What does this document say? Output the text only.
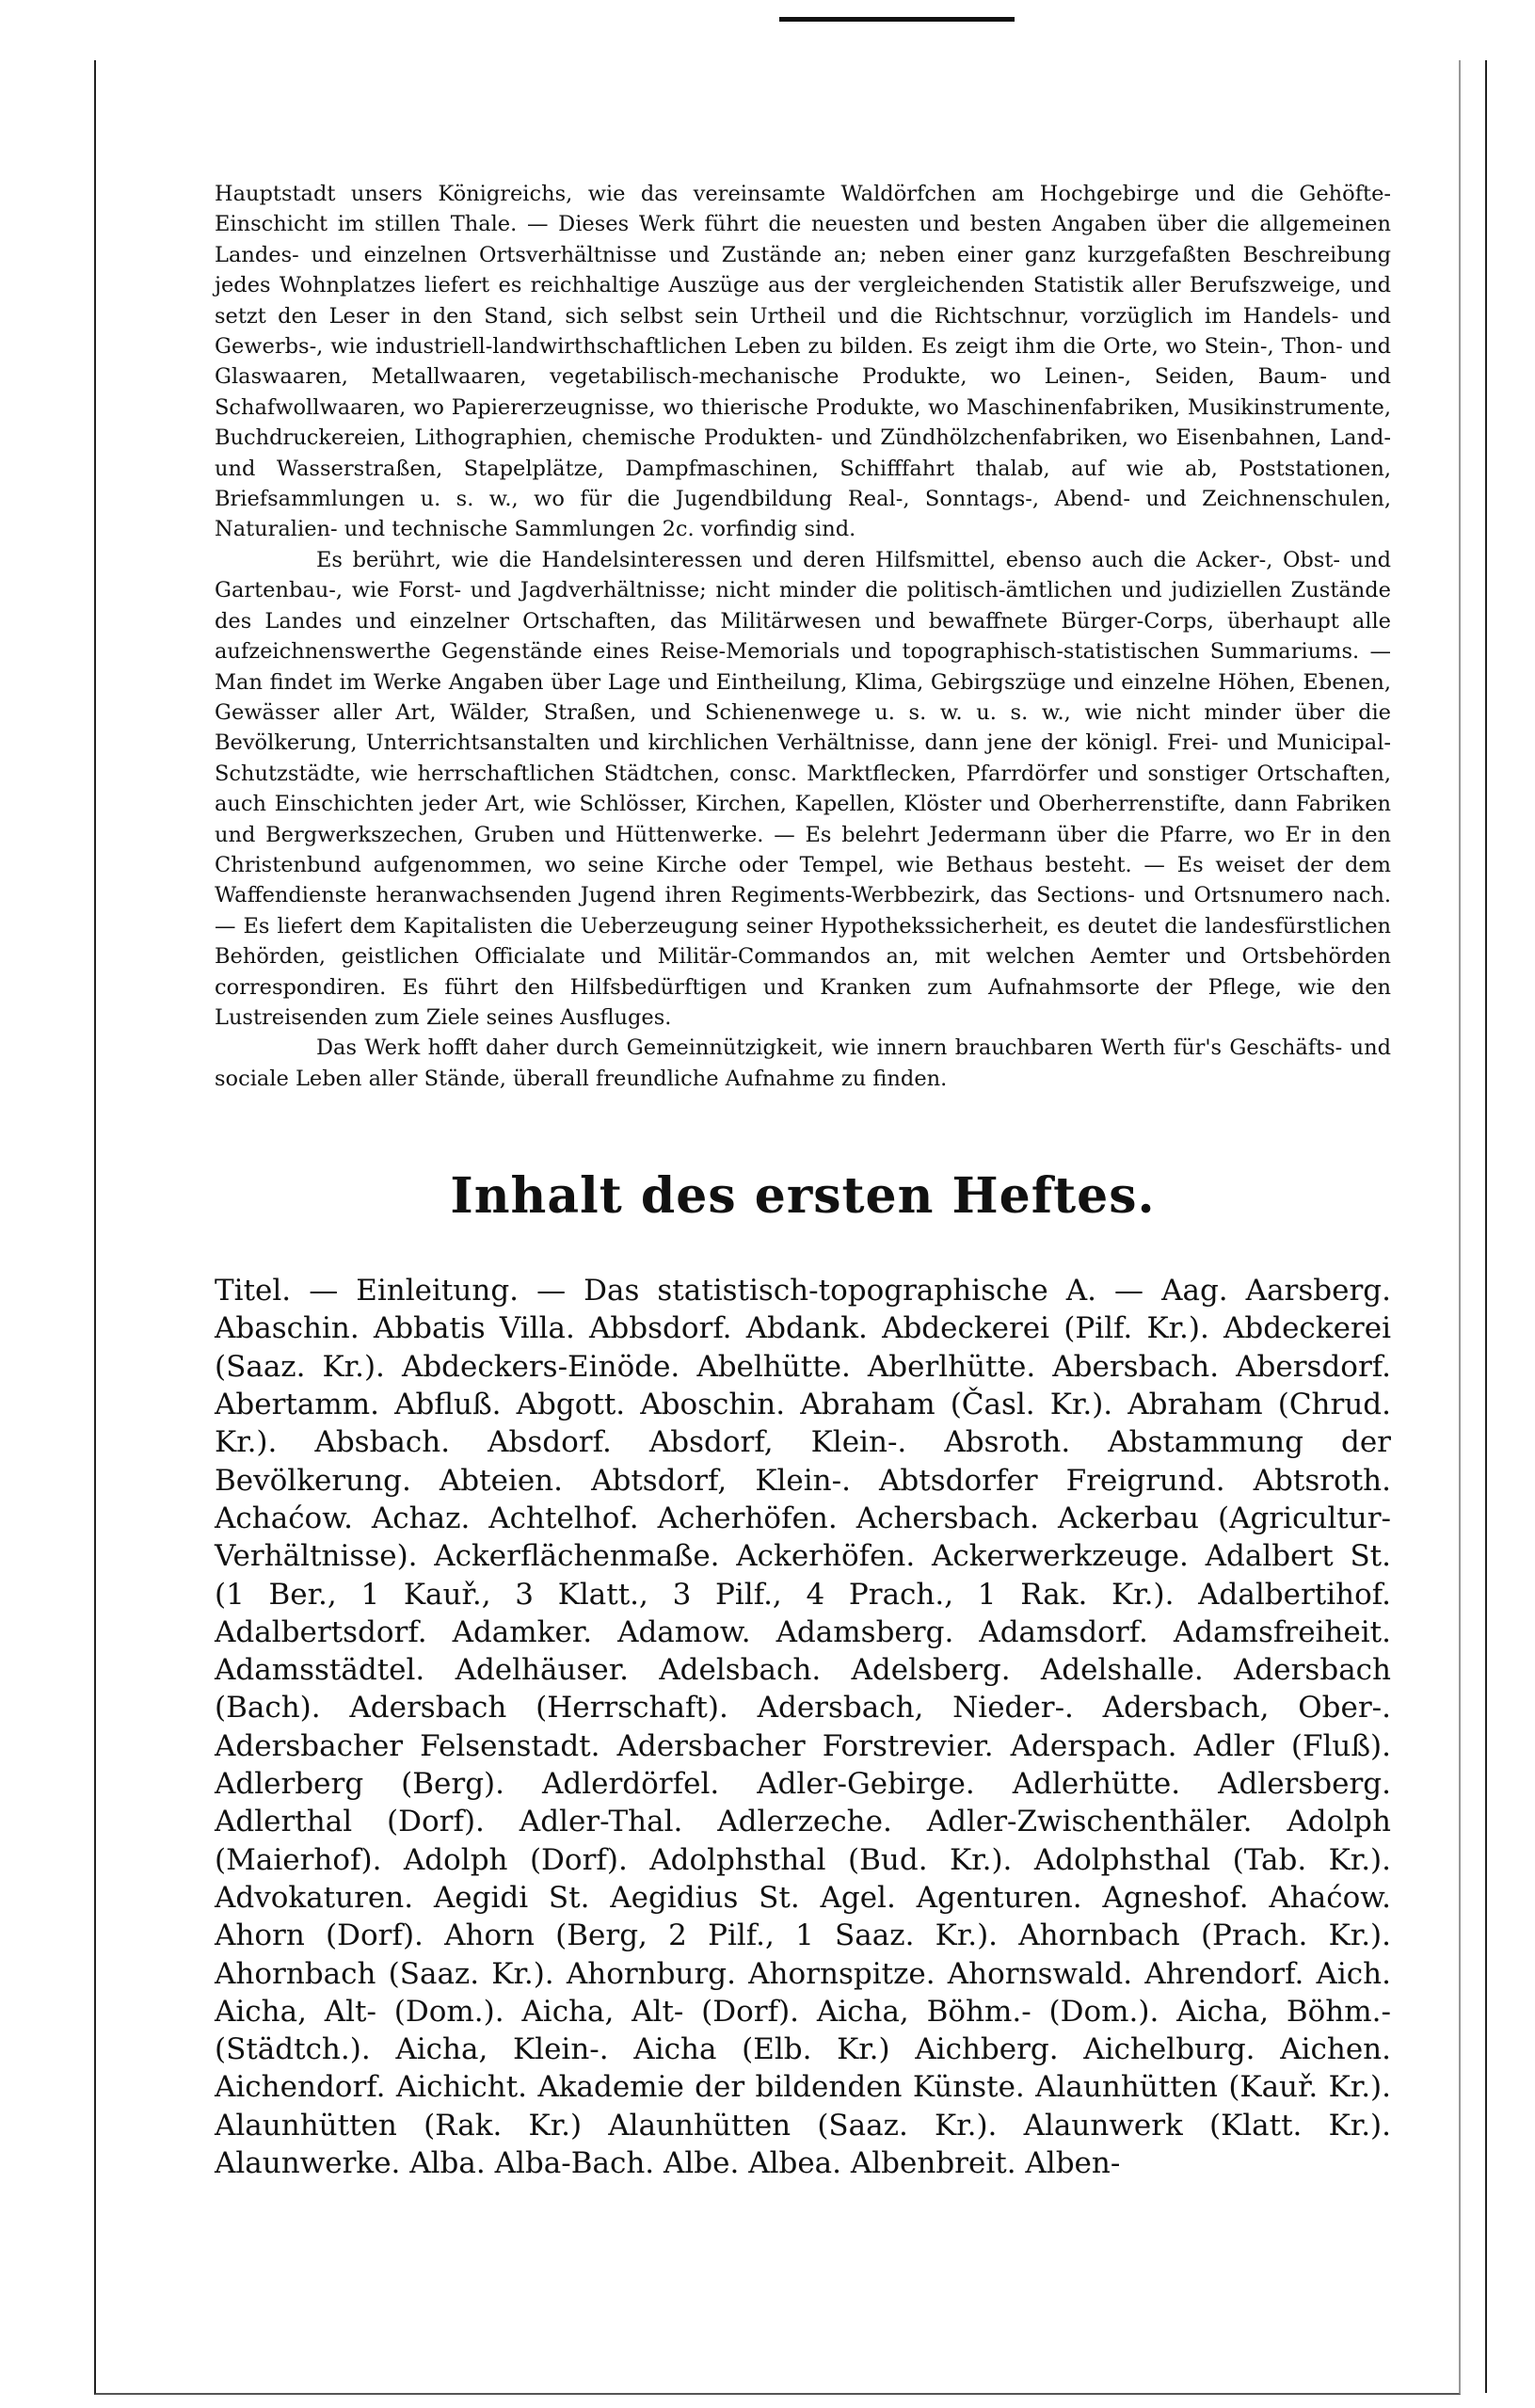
Hauptstadt unsers Königreichs, wie das vereinsamte Waldörfchen am Hochgebirge und die Gehöfte-Einschicht im stillen Thale. — Dieses Werk führt die neuesten und besten Angaben über die allgemeinen Landes- und einzelnen Ortsverhältnisse und Zustände an; neben einer ganz kurzgefaßten Beschreibung jedes Wohnplatzes liefert es reichhaltige Auszüge aus der vergleichenden Statistik aller Berufszweige, und setzt den Leser in den Stand, sich selbst sein Urtheil und die Richtschnur, vorzüglich im Handels- und Gewerbs-, wie industriell-landwirthschaftlichen Leben zu bilden. Es zeigt ihm die Orte, wo Stein-, Thon- und Glaswaaren, Metallwaaren, vegetabilisch-mechanische Produkte, wo Leinen-, Seiden, Baum- und Schafwollwaaren, wo Papiererzeugnisse, wo thierische Produkte, wo Maschinenfabriken, Musikinstrumente, Buchdruckereien, Lithographien, chemische Produkten- und Zündhölzchenfabriken, wo Eisenbahnen, Land- und Wasserstraßen, Stapelplätze, Dampfmaschinen, Schifffahrt thalab, auf wie ab, Poststationen, Briefsammlungen u. s. w., wo für die Jugendbildung Real-, Sonntags-, Abend- und Zeichnenschulen, Naturalien- und technische Sammlungen 2c. vorfindig sind.

Es berührt, wie die Handelsinteressen und deren Hilfsmittel, ebenso auch die Acker-, Obst- und Gartenbau-, wie Forst- und Jagdverhältnisse; nicht minder die politisch-ämtlichen und judiziellen Zustände des Landes und einzelner Ortschaften, das Militärwesen und bewaffnete Bürger-Corps, überhaupt alle aufzeichnenswerthe Gegenstände eines Reise-Memorials und topographisch-statistischen Summariums. — Man findet im Werke Angaben über Lage und Eintheilung, Klima, Gebirgszüge und einzelne Höhen, Ebenen, Gewässer aller Art, Wälder, Straßen, und Schienenwege u. s. w. u. s. w., wie nicht minder über die Bevölkerung, Unterrichtsanstalten und kirchlichen Verhältnisse, dann jene der königl. Frei- und Municipal-Schutzstädte, wie herrschaftlichen Städtchen, consc. Marktflecken, Pfarrdörfer und sonstiger Ortschaften, auch Einschichten jeder Art, wie Schlösser, Kirchen, Kapellen, Klöster und Oberherrenstifte, dann Fabriken und Bergwerkszechen, Gruben und Hüttenwerke. — Es belehrt Jedermann über die Pfarre, wo Er in den Christenbund aufgenommen, wo seine Kirche oder Tempel, wie Bethaus besteht. — Es weiset der dem Waffendienste heranwachsenden Jugend ihren Regiments-Werbbezirk, das Sections- und Ortsnumero nach. — Es liefert dem Kapitalisten die Ueberzeugung seiner Hypothekssicherheit, es deutet die landesfürstlichen Behörden, geistlichen Officialate und Militär-Commandos an, mit welchen Aemter und Ortsbehörden correspondiren. Es führt den Hilfsbedürftigen und Kranken zum Aufnahmsorte der Pflege, wie den Lustreisenden zum Ziele seines Ausfluges.

Das Werk hofft daher durch Gemeinnützigkeit, wie innern brauchbaren Werth für's Geschäfts- und sociale Leben aller Stände, überall freundliche Aufnahme zu finden.

Inhalt des ersten Heftes.

Titel. — Einleitung. — Das statistisch-topographische A. — Aag. Aarsberg. Abaschin. Abbatis Villa. Abbsdorf. Abdank. Abdeckerei (Pilf. Kr.). Abdeckerei (Saaz. Kr.). Abdeckers-Einöde. Abelhütte. Aberlhütte. Abersbach. Abersdorf. Abertamm. Abfluß. Abgott. Aboschin. Abraham (Časl. Kr.). Abraham (Chrud. Kr.). Absbach. Absdorf. Absdorf, Klein-. Absroth. Abstammung der Bevölkerung. Abteien. Abtsdorf, Klein-. Abtsdorfer Freigrund. Abtsroth. Achaćow. Achaz. Achtelhof. Acherhöfen. Achersbach. Ackerbau (Agricultur-Verhältnisse). Ackerflächenmaße. Ackerhöfen. Ackerwerkzeuge. Adalbert St. (1 Ber., 1 Kauř., 3 Klatt., 3 Pilf., 4 Prach., 1 Rak. Kr.). Adalbertihof. Adalbertsdorf. Adamker. Adamow. Adamsberg. Adamsdorf. Adamsfreiheit. Adamsstädtel. Adelhäuser. Adelsbach. Adelsberg. Adelshalle. Adersbach (Bach). Adersbach (Herrschaft). Adersbach, Nieder-. Adersbach, Ober-. Adersbacher Felsenstadt. Adersbacher Forstrevier. Aderspach. Adler (Fluß). Adlerberg (Berg). Adlerdörfel. Adler-Gebirge. Adlerhütte. Adlersberg. Adlerthal (Dorf). Adler-Thal. Adlerzeche. Adler-Zwischenthäler. Adolph (Maierhof). Adolph (Dorf). Adolphsthal (Bud. Kr.). Adolphsthal (Tab. Kr.). Advokaturen. Aegidi St. Aegidius St. Agel. Agenturen. Agneshof. Ahaćow. Ahorn (Dorf). Ahorn (Berg, 2 Pilf., 1 Saaz. Kr.). Ahornbach (Prach. Kr.). Ahornbach (Saaz. Kr.). Ahornburg. Ahornspitze. Ahornswald. Ahrendorf. Aich. Aicha, Alt- (Dom.). Aicha, Alt- (Dorf). Aicha, Böhm.- (Dom.). Aicha, Böhm.- (Städtch.). Aicha, Klein-. Aicha (Elb. Kr.) Aichberg. Aichelburg. Aichen. Aichendorf. Aichicht. Akademie der bildenden Künste. Alaunhütten (Kauř. Kr.). Alaunhütten (Rak. Kr.) Alaunhütten (Saaz. Kr.). Alaunwerk (Klatt. Kr.). Alaunwerke. Alba. Alba-Bach. Albe. Albea. Albenbreit. Alben-
